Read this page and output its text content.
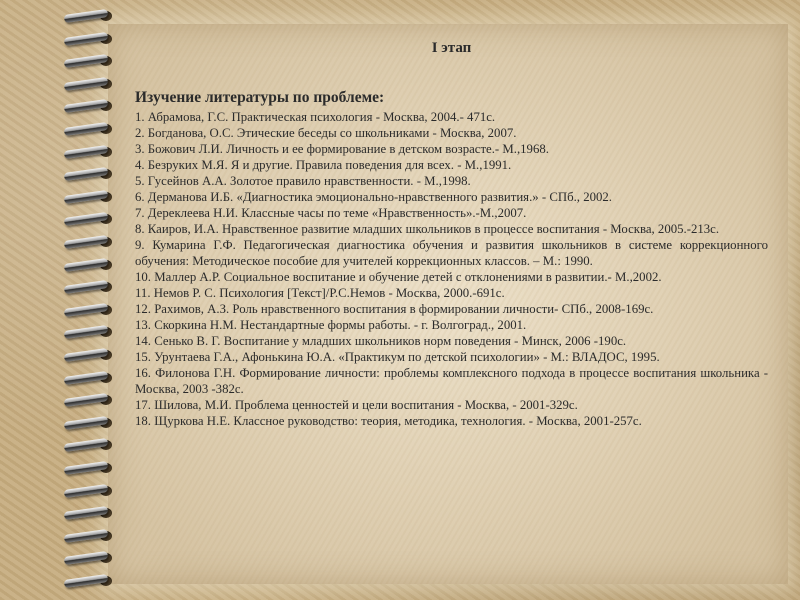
I этап
Изучение литературы по проблеме:

1. Абрамова, Г.С. Практическая психология - Москва, 2004.- 471с.

2. Богданова, О.С. Этические беседы со школьниками - Москва, 2007.

3. Божович Л.И. Личность и ее формирование в детском возрасте.- М.,1968.

4. Безруких М.Я. Я и другие. Правила поведения для всех. - М.,1991.

5. Гусейнов А.А. Золотое правило нравственности. - М.,1998.

6. Дерманова И.Б. «Диагностика эмоционально-нравственного развития.» - СПб., 2002.

7. Дереклеева Н.И. Классные часы по теме «Нравственность».-М.,2007.

8. Каиров, И.А. Нравственное развитие младших школьников в процессе воспитания - Москва, 2005.-213с.

9. Кумарина Г.Ф. Педагогическая диагностика обучения и развития школьников в системе коррекционного обучения: Методическое пособие для учителей коррекционных классов. – М.: 1990.

10. Маллер А.Р. Социальное воспитание и обучение детей с отклонениями в развитии.- М.,2002.

11. Немов Р. С. Психология [Текст]/Р.С.Немов - Москва, 2000.-691с.

12. Рахимов, А.З. Роль нравственного воспитания в формировании личности- СПб., 2008-169с.

13. Скоркина Н.М. Нестандартные формы работы. - г. Волгоград., 2001.

14. Сенько В. Г. Воспитание у младших школьников норм поведения - Минск, 2006 -190с.

15. Урунтаева Г.А., Афонькина Ю.А. «Практикум по детской психологии» - М.: ВЛАДОС, 1995.

16. Филонова Г.Н. Формирование личности: проблемы комплексного подхода в процессе воспитания школьника - Москва, 2003 -382с.

17. Шилова, М.И. Проблема ценностей и цели воспитания - Москва, - 2001-329с.

18. Щуркова Н.Е. Классное руководство: теория, методика, технология. - Москва, 2001-257с.
